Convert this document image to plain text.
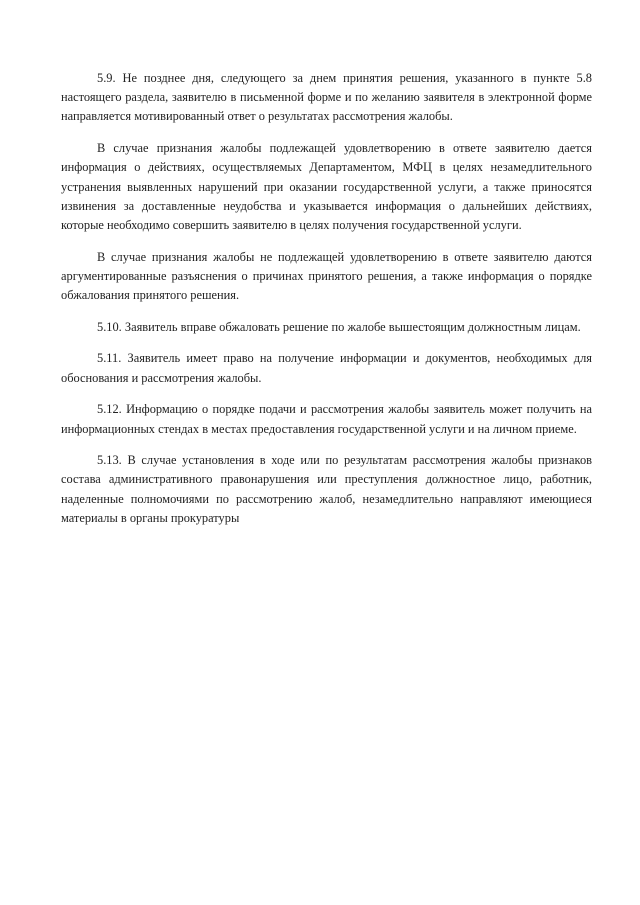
5.9. Не позднее дня, следующего за днем принятия решения, указанного в пункте 5.8 настоящего раздела, заявителю в письменной форме и по желанию заявителя в электронной форме направляется мотивированный ответ о результатах рассмотрения жалобы.

В случае признания жалобы подлежащей удовлетворению в ответе заявителю дается информация о действиях, осуществляемых Департаментом, МФЦ в целях незамедлительного устранения выявленных нарушений при оказании государственной услуги, а также приносятся извинения за доставленные неудобства и указывается информация о дальнейших действиях, которые необходимо совершить заявителю в целях получения государственной услуги.

В случае признания жалобы не подлежащей удовлетворению в ответе заявителю даются аргументированные разъяснения о причинах принятого решения, а также информация о порядке обжалования принятого решения.

5.10. Заявитель вправе обжаловать решение по жалобе вышестоящим должностным лицам.

5.11. Заявитель имеет право на получение информации и документов, необходимых для обоснования и рассмотрения жалобы.

5.12. Информацию о порядке подачи и рассмотрения жалобы заявитель может получить на информационных стендах в местах предоставления государственной услуги и на личном приеме.

5.13. В случае установления в ходе или по результатам рассмотрения жалобы признаков состава административного правонарушения или преступления должностное лицо, работник, наделенные полномочиями по рассмотрению жалоб, незамедлительно направляют имеющиеся материалы в органы прокуратуры
